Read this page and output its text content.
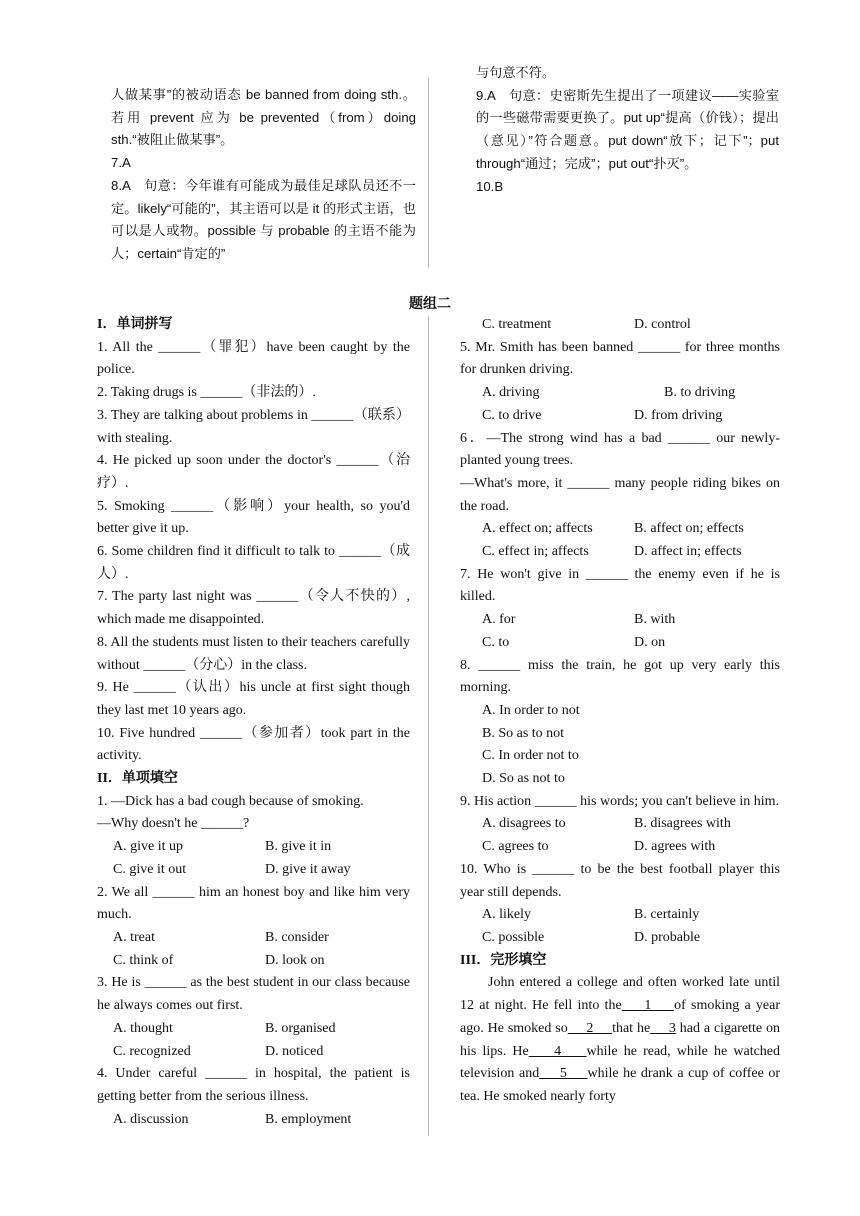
人做某事”的被动语态 be banned from doing sth.。若用 prevent 应为 be prevented（from）doing sth.“被阻止做某事”。
7.A
8.A　句意：今年谁有可能成为最佳足球队员还不一定。likely“可能的”，其主语可以是 it 的形式主语，也可以是人或物。possible 与 probable 的主语不能为人；certain“肯定的”
与句意不符。
9.A　句意：史密斯先生提出了一项建议——实验室的一些磁带需要更换了。put up“提高（价钱）；提出（意见）”符合题意。put down“放下；记下”；put through“通过；完成”；put out“扑灭”。
10.B
题组二
I．单词拼写
1. All the ______（罪犯）have been caught by the police.
2. Taking drugs is ______（非法的）.
3. They are talking about problems in ______（联系）with stealing.
4. He picked up soon under the doctor's ______（治疗）.
5. Smoking ______（影响）your health, so you'd better give it up.
6. Some children find it difficult to talk to ______（成人）.
7. The party last night was ______（令人不快的）, which made me disappointed.
8. All the students must listen to their teachers carefully without ______（分心）in the class.
9. He ______（认出）his uncle at first sight though they last met 10 years ago.
10. Five hundred ______（参加者）took part in the activity.
II．单项填空
1. —Dick has a bad cough because of smoking.
—Why doesn't he ______?
A. give it up	B. give it in
C. give it out	D. give it away
2. We all ______ him an honest boy and like him very much.
A. treat	B. consider
C. think of	D. look on
3. He is ______ as the best student in our class because he always comes out first.
A. thought	B. organised
C. recognized	D. noticed
4. Under careful ______ in hospital, the patient is getting better from the serious illness.
A. discussion	B. employment
C. treatment	D. control
5. Mr. Smith has been banned ______ for three months for drunken driving.
A. driving	B. to driving
C. to drive	D. from driving
6．—The strong wind has a bad ______ our newly-planted young trees.
—What's more, it ______ many people riding bikes on the road.
A. effect on; affects	B. affect on; effects
C. effect in; affects	D. affect in; effects
7. He won't give in ______ the enemy even if he is killed.
A. for	B. with
C. to	D. on
8. ______ miss the train, he got up very early this morning.
A. In order to not
B. So as to not
C. In order not to
D. So as not to
9. His action ______ his words; you can't believe in him.
A. disagrees to	B. disagrees with
C. agrees to	D. agrees with
10. Who is ______ to be the best football player this year still depends.
A. likely	B. certainly
C. possible	D. probable
III．完形填空
John entered a college and often worked late until 12 at night. He fell into the　 1　 of smoking a year ago. He smoked so　 2　 that he　 3 had a cigarette on his lips. He　 4　 while he read, while he watched television and　 5　 while he drank a cup of coffee or tea. He smoked nearly forty
